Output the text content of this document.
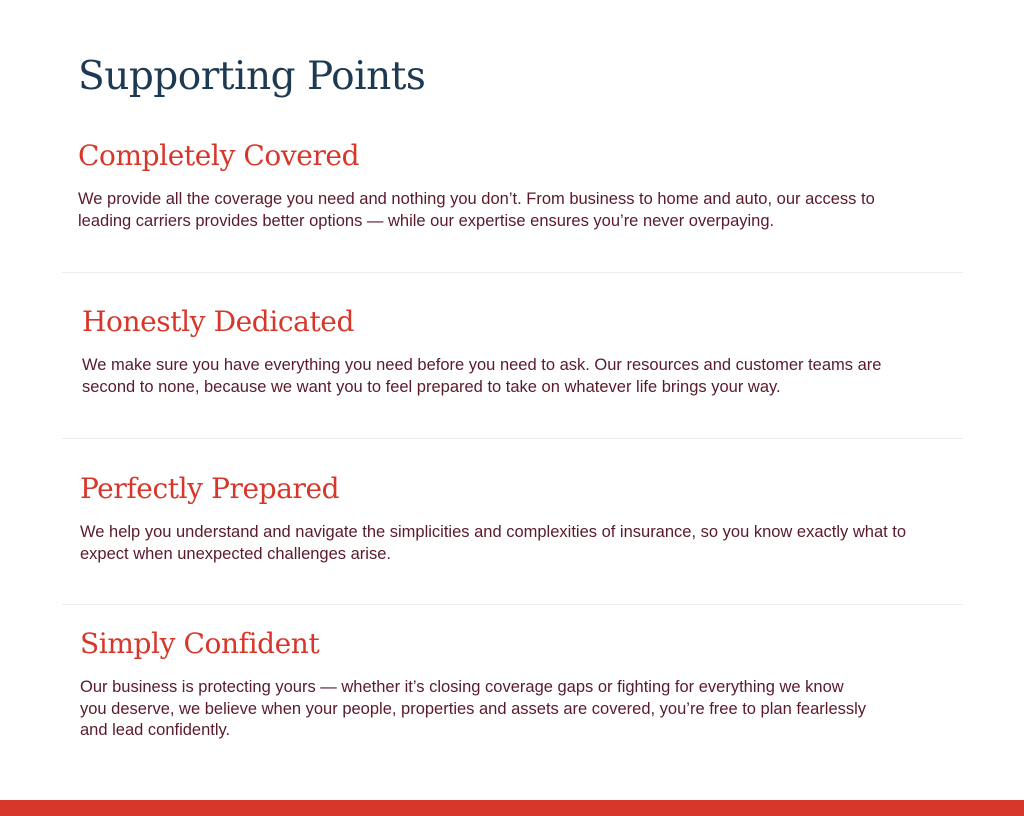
Supporting Points
Completely Covered

We provide all the coverage you need and nothing you don’t. From business to home and auto, our access to leading carriers provides better options — while our expertise ensures you’re never overpaying.

Honestly Dedicated

We make sure you have everything you need before you need to ask. Our resources and customer teams are second to none, because we want you to feel prepared to take on whatever life brings your way.

Perfectly Prepared

We help you understand and navigate the simplicities and complexities of insurance, so you know exactly what to expect when unexpected challenges arise.

Simply Confident

Our business is protecting yours — whether it’s closing coverage gaps or fighting for everything we know you deserve, we believe when your people, properties and assets are covered, you’re free to plan fearlessly and lead confidently.
